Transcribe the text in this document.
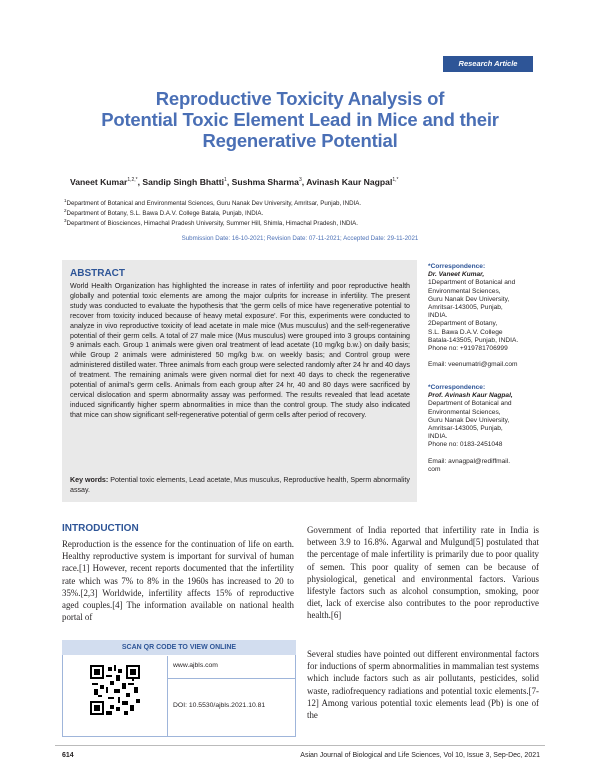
Research Article
Reproductive Toxicity Analysis of
Potential Toxic Element Lead in Mice and their
Regenerative Potential
Vaneet Kumar$^{1,2,*}$, Sandip Singh Bhatti$^1$, Sushma Sharma$^3$, Avinash Kaur Nagpal$^{1,*}$
$^1$Department of Botanical and Environmental Sciences, Guru Nanak Dev University, Amritsar, Punjab, INDIA.
$^2$Department of Botany, S.L. Bawa D.A.V. College Batala, Punjab, INDIA.
$^3$Department of Biosciences, Himachal Pradesh University, Summer Hill, Shimla, Himachal Pradesh, INDIA.
Submission Date: 16-10-2021; Revision Date: 07-11-2021; Accepted Date: 29-11-2021
ABSTRACT
World Health Organization has highlighted the increase in rates of infertility and poor reproductive health globally and potential toxic elements are among the major culprits for increase in infertility. The present study was conducted to evaluate the hypothesis that 'the germ cells of mice have regenerative potential to recover from toxicity induced because of heavy metal exposure'. For this, experiments were conducted to analyze in vivo reproductive toxicity of lead acetate in male mice (Mus musculus) and the self-regenerative potential of their germ cells. A total of 27 male mice (Mus musculus) were grouped into 3 groups containing 9 animals each. Group 1 animals were given oral treatment of lead acetate (10 mg/kg b.w.) on daily basis; while Group 2 animals were administered 50 mg/kg b.w. on weekly basis; and Control group were administered distilled water. Three animals from each group were selected randomly after 24 hr and 40 days of treatment. The remaining animals were given normal diet for next 40 days to check the regenerative potential of animal's germ cells. Animals from each group after 24 hr, 40 and 80 days were sacrificed by cervical dislocation and sperm abnormality assay was performed. The results revealed that lead acetate induced significantly higher sperm abnormalities in mice than the control group. The study also indicated that mice can show significant self-regenerative potential of germ cells after period of recovery.
Key words: Potential toxic elements, Lead acetate, Mus musculus, Reproductive health, Sperm abnormality assay.
*Correspondence:
Dr. Vaneet Kumar,
1Department of Botanical and
Environmental Sciences,
Guru Nanak Dev University,
Amritsar-143005, Punjab,
INDIA.
2Department of Botany,
S.L. Bawa D.A.V. College
Batala-143505, Punjab, INDIA.
Phone no: +919781706999
Email: veenumatri@gmail.com
*Correspondence:
Prof. Avinash Kaur Nagpal,
Department of Botanical and
Environmental Sciences,
Guru Nanak Dev University,
Amritsar-143005, Punjab,
INDIA.
Phone no: 0183-2451048
Email: avnagpal@rediffmail.
com
INTRODUCTION
Reproduction is the essence for the continuation of life on earth. Healthy reproductive system is important for survival of human race.[1] However, recent reports documented that the infertility rate which was 7% to 8% in the 1960s has increased to 20 to 35%.[2,3] Worldwide, infertility affects 15% of reproductive aged couples.[4] The information available on national health portal of
Government of India reported that infertility rate in India is between 3.9 to 16.8%. Agarwal and Mulgund[5] postulated that the percentage of male infertility is primarily due to poor quality of semen. This poor quality of semen can be because of physiological, genetical and environmental factors. Various lifestyle factors such as alcohol consumption, smoking, poor diet, lack of exercise also contributes to the poor reproductive health.[6]
Several studies have pointed out different environmental factors for inductions of sperm abnormalities in mammalian test systems which include factors such as air pollutants, pesticides, solid waste, radiofrequency radiations and potential toxic elements.[7-12] Among various potential toxic elements lead (Pb) is one of the
SCAN QR CODE TO VIEW ONLINE
www.ajbls.com
DOI: 10.5530/ajbls.2021.10.81
614	Asian Journal of Biological and Life Sciences, Vol 10, Issue 3, Sep-Dec, 2021
